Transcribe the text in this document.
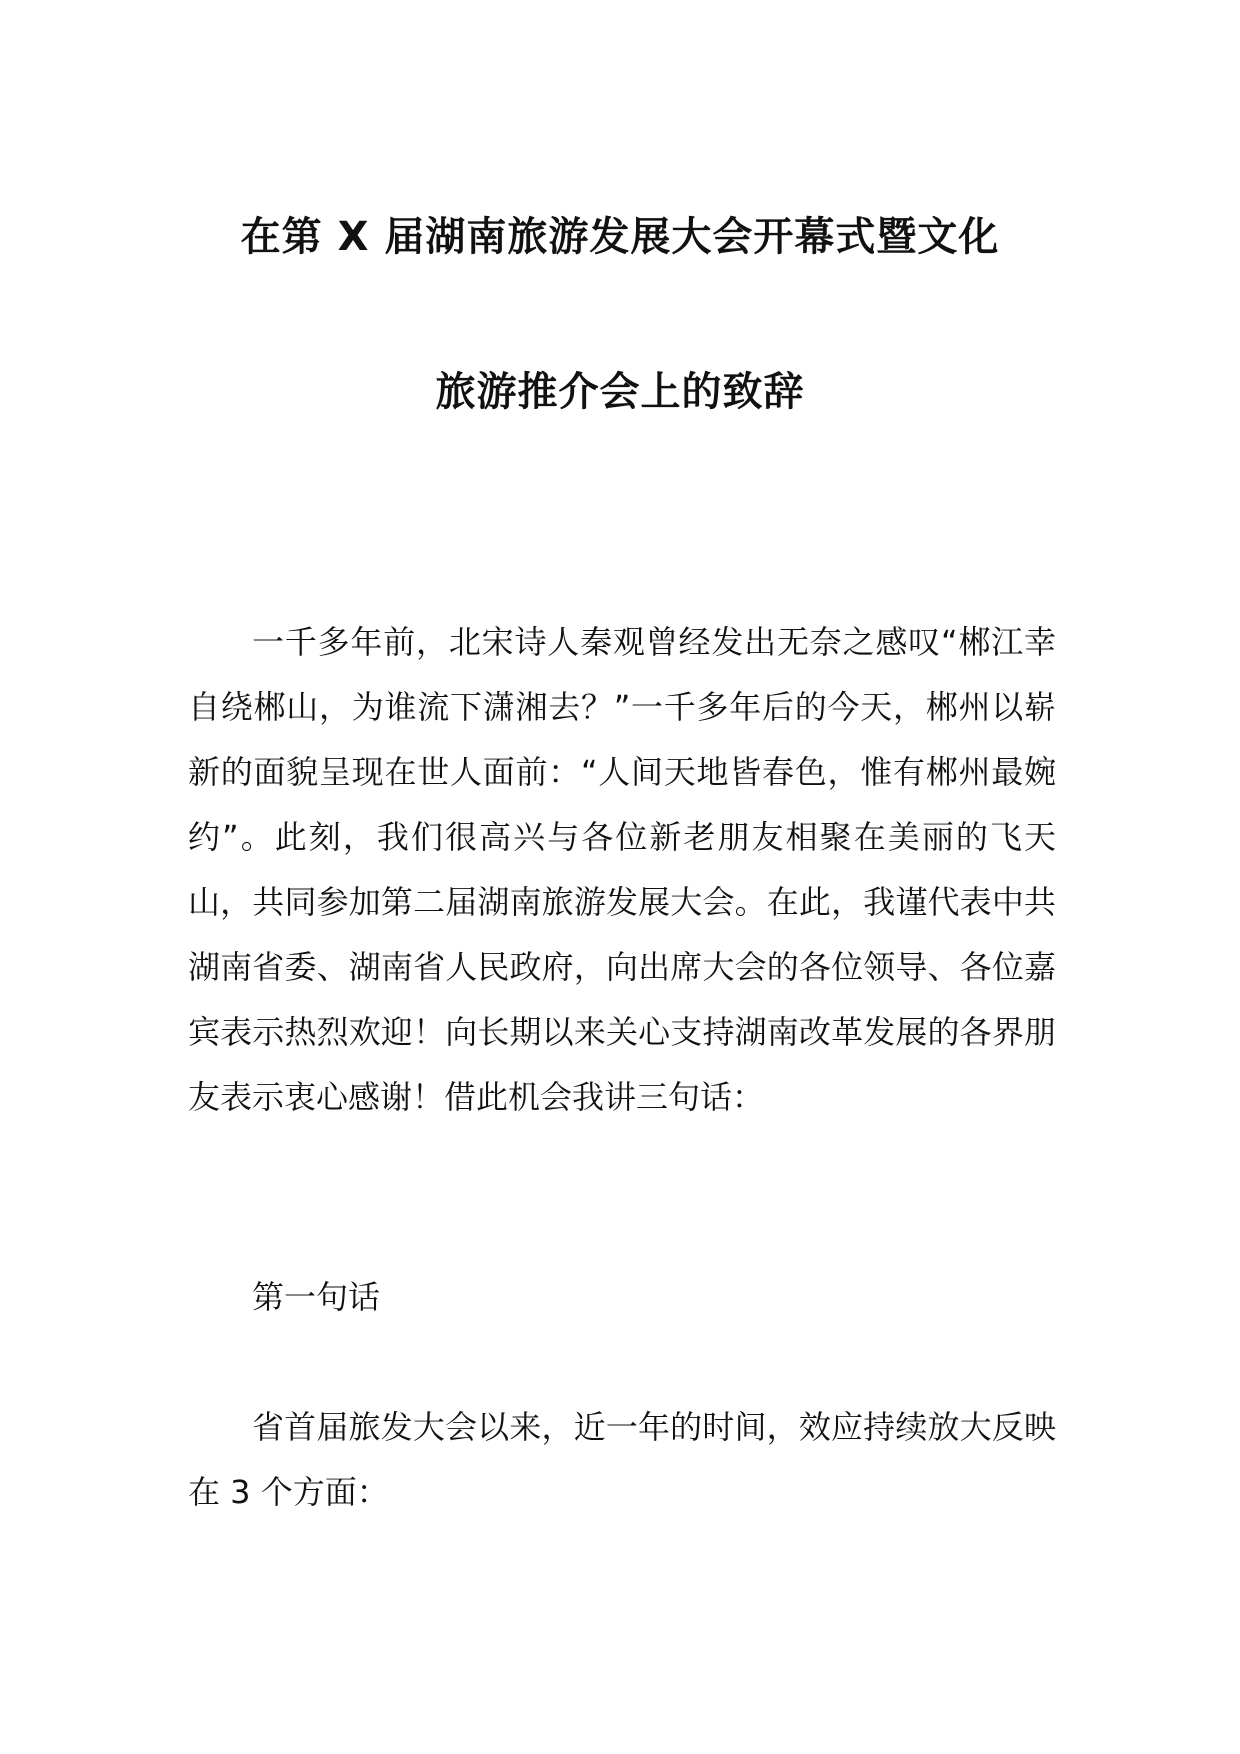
在第 X 届湖南旅游发展大会开幕式暨文化
旅游推介会上的致辞

一千多年前，北宋诗人秦观曾经发出无奈之感叹“郴江幸自绕郴山，为谁流下潇湘去？”一千多年后的今天，郴州以崭新的面貌呈现在世人面前：“人间天地皆春色，惟有郴州最婉约”。此刻，我们很高兴与各位新老朋友相聚在美丽的飞天山，共同参加第二届湖南旅游发展大会。在此，我谨代表中共湖南省委、湖南省人民政府，向出席大会的各位领导、各位嘉宾表示热烈欢迎！向长期以来关心支持湖南改革发展的各界朋友表示衷心感谢！借此机会我讲三句话：

第一句话

省首届旅发大会以来，近一年的时间，效应持续放大反映在 3 个方面：
